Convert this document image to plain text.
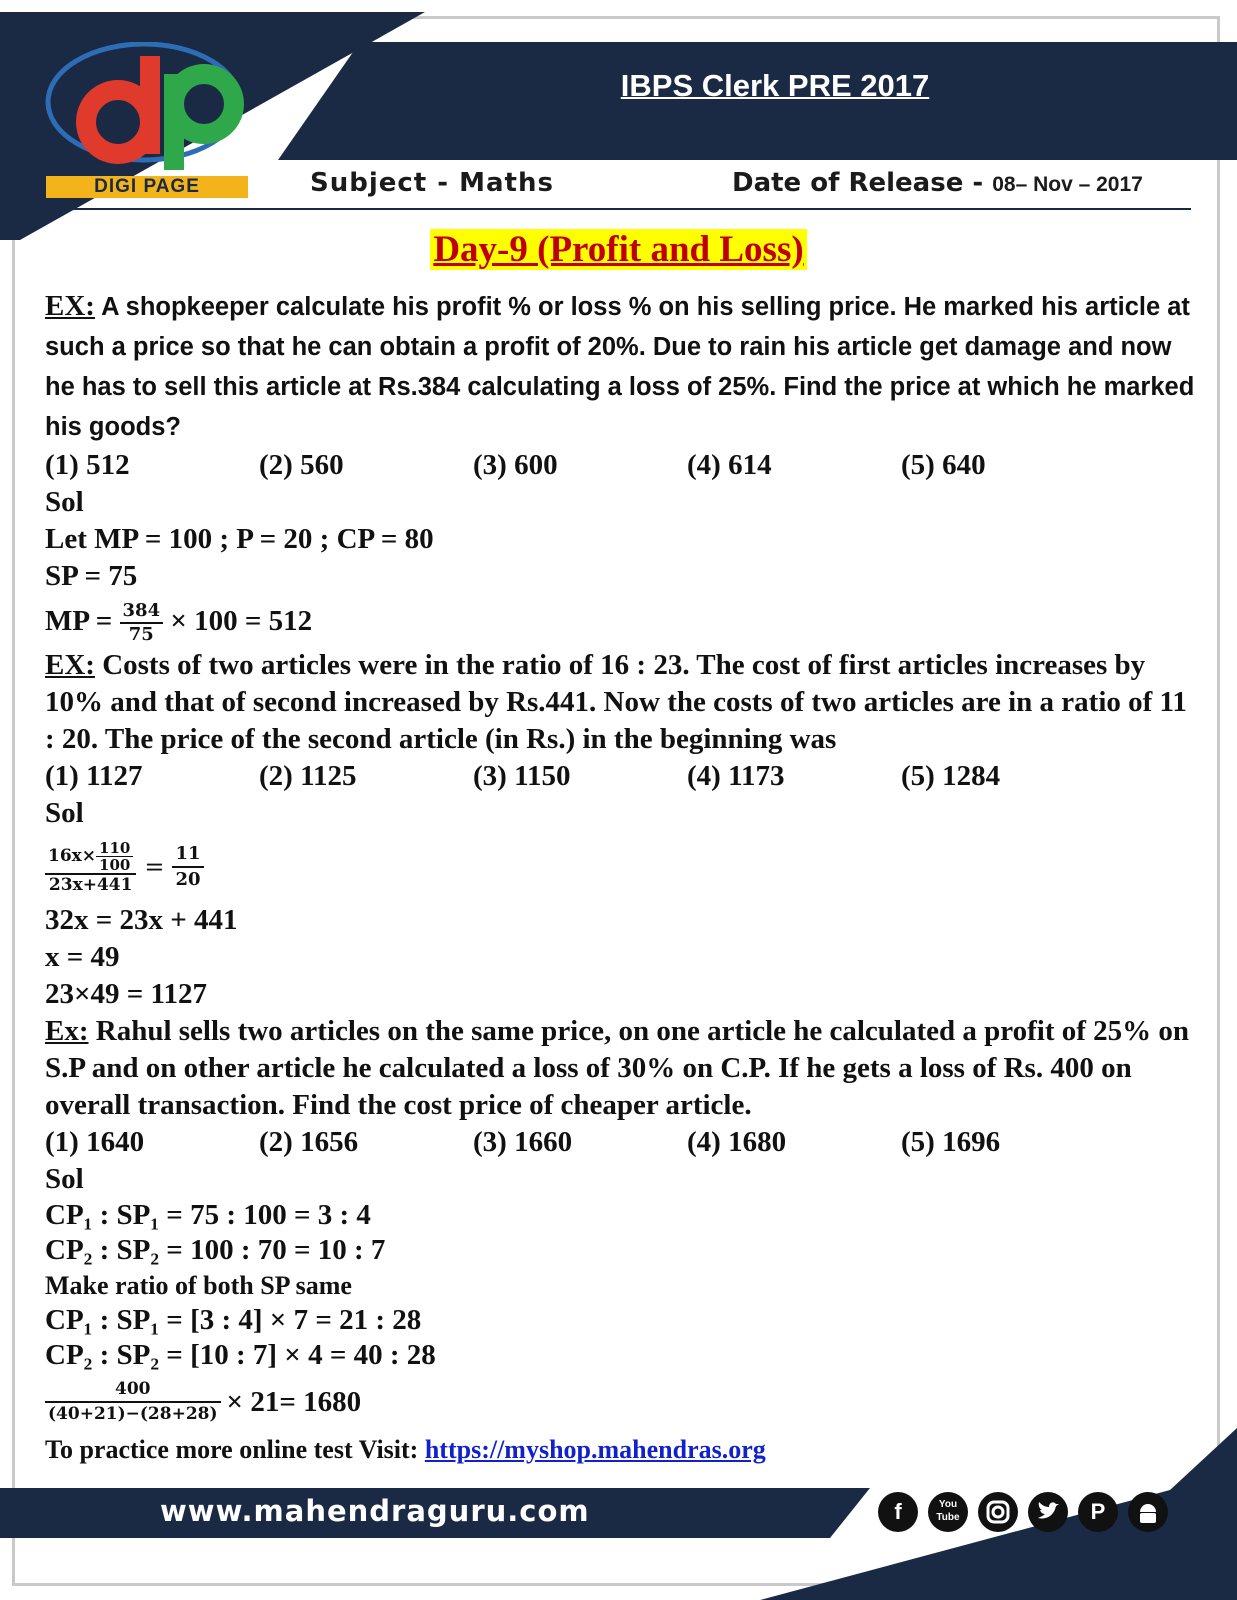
DIGI PAGE
IBPS Clerk PRE 2017
Subject - Maths	Date of Release - 08– Nov – 2017
Day-9 (Profit and Loss)
EX: A shopkeeper calculate his profit % or loss % on his selling price. He marked his article at such a price so that he can obtain a profit of 20%. Due to rain his article get damage and now he has to sell this article at Rs.384 calculating a loss of 25%. Find the price at which he marked his goods?
(1) 512	(2) 560	(3) 600	(4) 614	(5) 640
Sol
Let MP = 100 ; P = 20 ; CP = 80
SP = 75
MP = $\frac{384}{75} \times 100 = 512$
EX: Costs of two articles were in the ratio of 16 : 23. The cost of first articles increases by 10% and that of second increased by Rs.441. Now the costs of two articles are in a ratio of 11 : 20. The price of the second article (in Rs.) in the beginning was
(1) 1127	(2) 1125	(3) 1150	(4) 1173	(5) 1284
Sol
$\frac{16x\times \frac{110}{100}}{23x+441} = \frac{11}{20}$
32x = 23x + 441
x = 49
23×49 = 1127
Ex: Rahul sells two articles on the same price, on one article he calculated a profit of 25% on S.P and on other article he calculated a loss of 30% on C.P. If he gets a loss of Rs. 400 on overall transaction. Find the cost price of cheaper article.
(1) 1640	(2) 1656	(3) 1660	(4) 1680	(5) 1696
Sol
CP₁ : SP₁ = 75 : 100 = 3 : 4
CP₂ : SP₂ = 100 : 70 = 10 : 7
Make ratio of both SP same
CP₁ : SP₁ = [3 : 4] × 7 = 21 : 28
CP₂ : SP₂ = [10 : 7] × 4 = 40 : 28
$\frac{400}{(40+21)-(28+28)} \times 21= 1680$
To practice more online test Visit: https://myshop.mahendras.org
www.mahendraguru.com	f	You Tube	P
